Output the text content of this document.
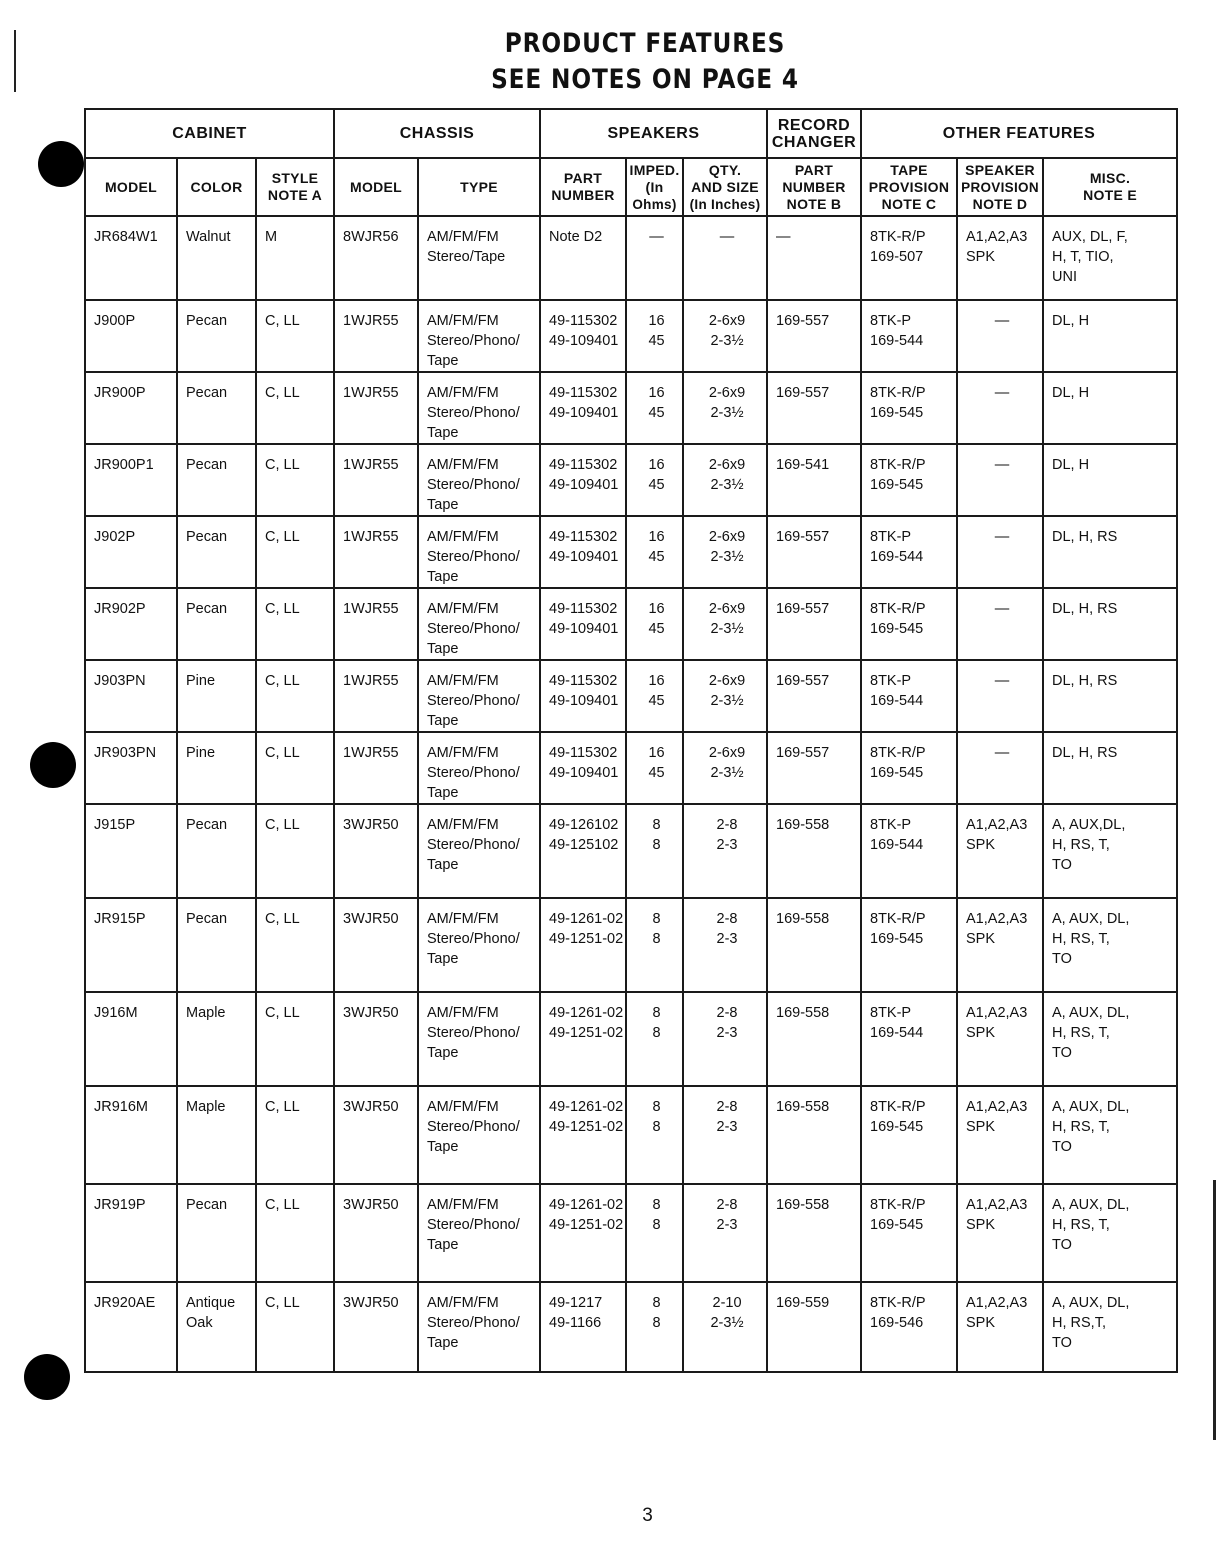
PRODUCT FEATURES
SEE NOTES ON PAGE 4
CABINET			CHASSIS		SPEAKERS			RECORD
CHANGER	OTHER FEATURES		
MODEL	COLOR	STYLE
NOTE A	MODEL	TYPE	PART
NUMBER	IMPED.
(In
Ohms)	QTY.
AND SIZE
(In Inches)	PART
NUMBER
NOTE B	TAPE
PROVISION
NOTE C	SPEAKER
PROVISION
NOTE D	MISC.
NOTE E
JR684W1	Walnut	M	8WJR56	AM/FM/FM
Stereo/Tape	Note D2	—	—	—	8TK-R/P
169-507	A1,A2,A3
SPK	AUX, DL, F,
H, T, TIO,
UNI

J900P	Pecan	C, LL	1WJR55	AM/FM/FM
Stereo/Phono/
Tape	49-115302
49-109401	16
45	2-6x9
2-3½	169-557	8TK-P
169-544	—	DL, H

JR900P	Pecan	C, LL	1WJR55	AM/FM/FM
Stereo/Phono/
Tape	49-115302
49-109401	16
45	2-6x9
2-3½	169-557	8TK-R/P
169-545	—	DL, H

JR900P1	Pecan	C, LL	1WJR55	AM/FM/FM
Stereo/Phono/
Tape	49-115302
49-109401	16
45	2-6x9
2-3½	169-541	8TK-R/P
169-545	—	DL, H

J902P	Pecan	C, LL	1WJR55	AM/FM/FM
Stereo/Phono/
Tape	49-115302
49-109401	16
45	2-6x9
2-3½	169-557	8TK-P
169-544	—	DL, H, RS

JR902P	Pecan	C, LL	1WJR55	AM/FM/FM
Stereo/Phono/
Tape	49-115302
49-109401	16
45	2-6x9
2-3½	169-557	8TK-R/P
169-545	—	DL, H, RS

J903PN	Pine	C, LL	1WJR55	AM/FM/FM
Stereo/Phono/
Tape	49-115302
49-109401	16
45	2-6x9
2-3½	169-557	8TK-P
169-544	—	DL, H, RS

JR903PN	Pine	C, LL	1WJR55	AM/FM/FM
Stereo/Phono/
Tape	49-115302
49-109401	16
45	2-6x9
2-3½	169-557	8TK-R/P
169-545	—	DL, H, RS

J915P	Pecan	C, LL	3WJR50	AM/FM/FM
Stereo/Phono/
Tape	49-126102
49-125102	8
8	2-8
2-3	169-558	8TK-P
169-544	A1,A2,A3
SPK	A, AUX,DL,
H, RS, T,
TO

JR915P	Pecan	C, LL	3WJR50	AM/FM/FM
Stereo/Phono/
Tape	49-1261-02
49-1251-02	8
8	2-8
2-3	169-558	8TK-R/P
169-545	A1,A2,A3
SPK	A, AUX, DL,
H, RS, T,
TO

J916M	Maple	C, LL	3WJR50	AM/FM/FM
Stereo/Phono/
Tape	49-1261-02
49-1251-02	8
8	2-8
2-3	169-558	8TK-P
169-544	A1,A2,A3
SPK	A, AUX, DL,
H, RS, T,
TO

JR916M	Maple	C, LL	3WJR50	AM/FM/FM
Stereo/Phono/
Tape	49-1261-02
49-1251-02	8
8	2-8
2-3	169-558	8TK-R/P
169-545	A1,A2,A3
SPK	A, AUX, DL,
H, RS, T,
TO

JR919P	Pecan	C, LL	3WJR50	AM/FM/FM
Stereo/Phono/
Tape	49-1261-02
49-1251-02	8
8	2-8
2-3	169-558	8TK-R/P
169-545	A1,A2,A3
SPK	A, AUX, DL,
H, RS, T,
TO

JR920AE	Antique
Oak	C, LL	3WJR50	AM/FM/FM
Stereo/Phono/
Tape	49-1217
49-1166	8
8	2-10
2-3½	169-559	8TK-R/P
169-546	A1,A2,A3
SPK	A, AUX, DL,
H, RS,T,
TO
3
